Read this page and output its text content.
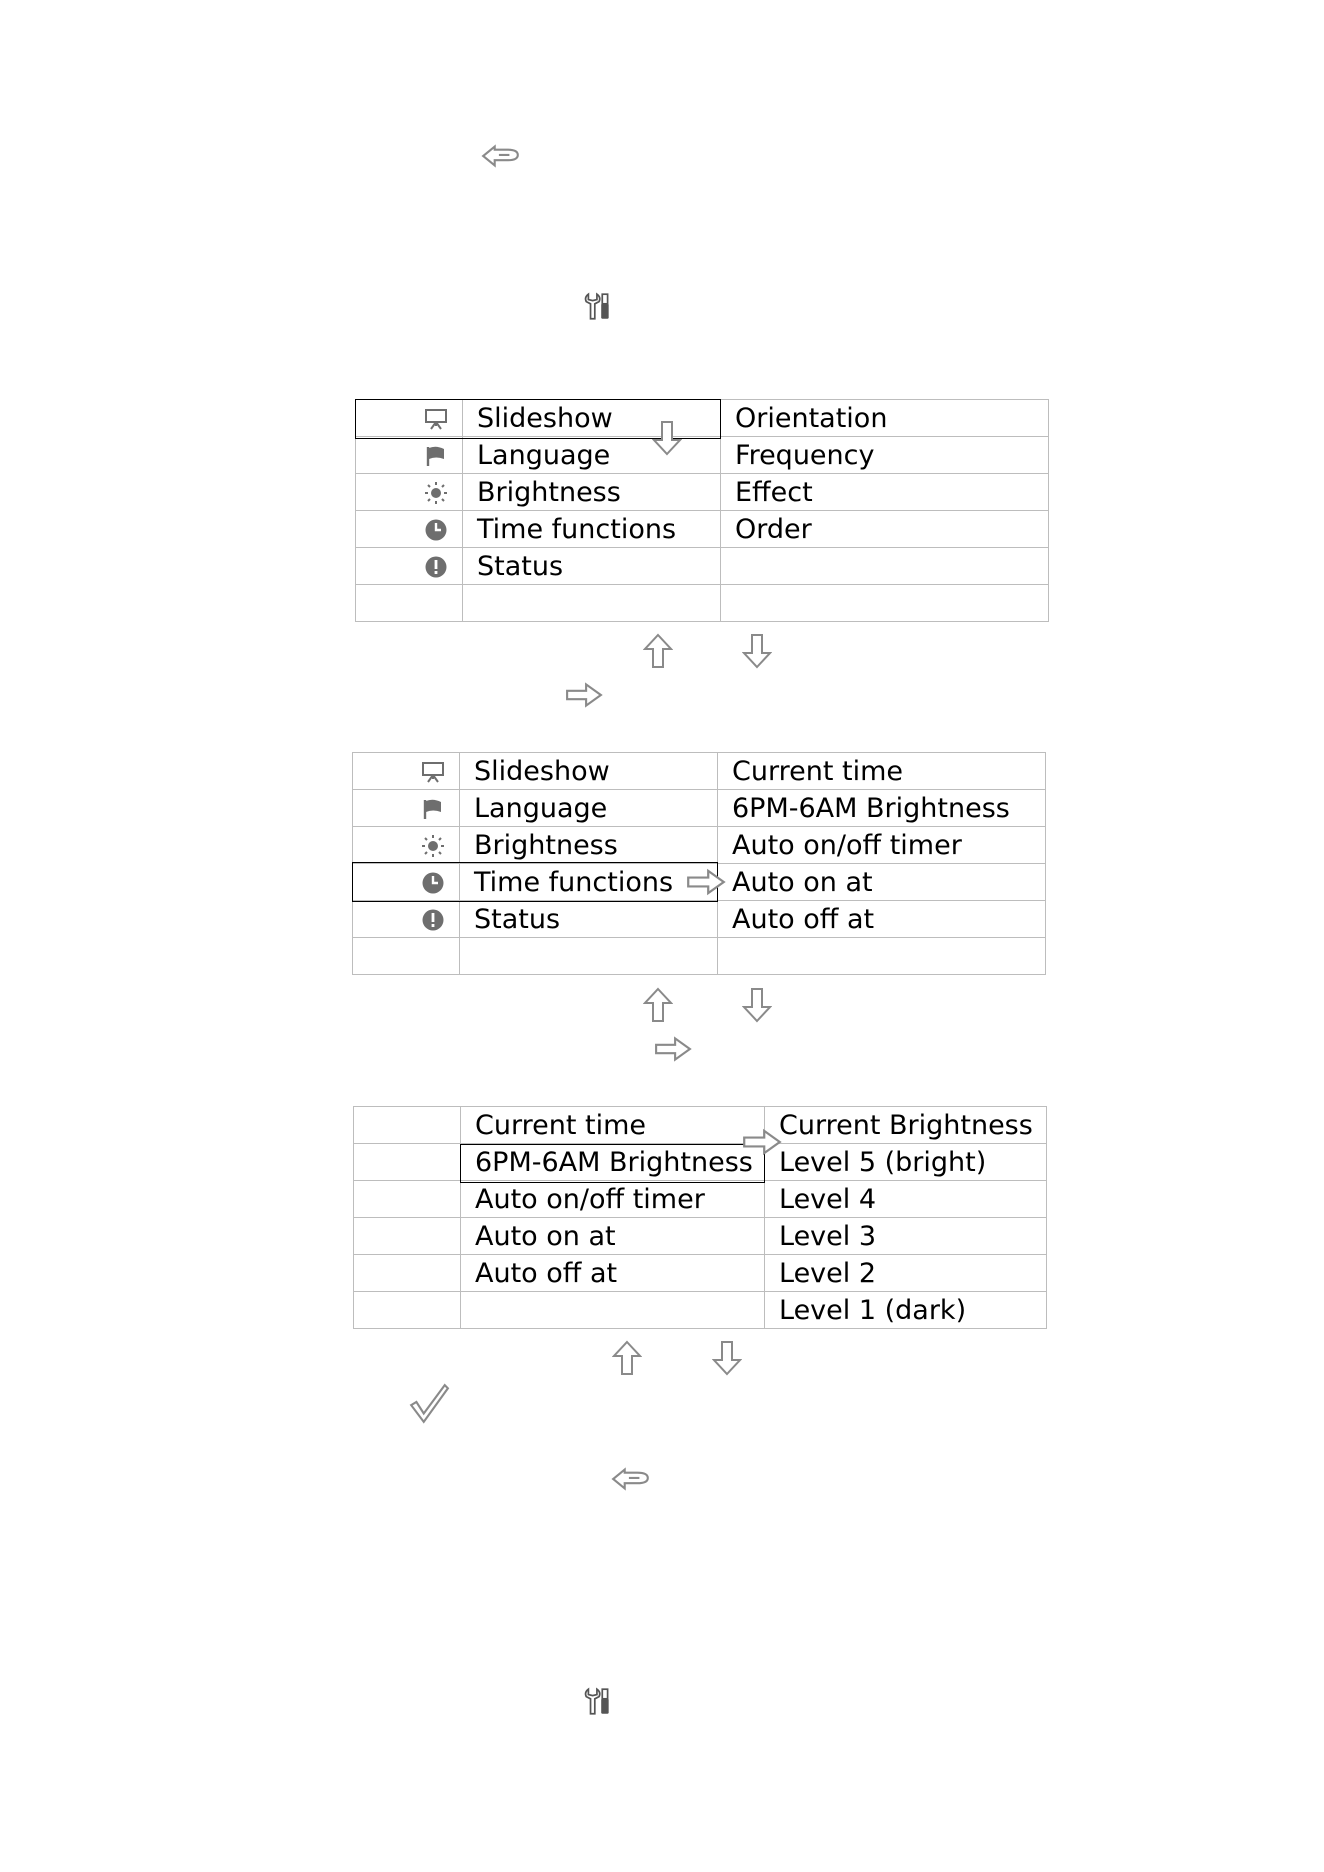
	Slideshow	Orientation
	Language	Frequency
	Brightness	Effect
	Time functions	Order
	Status	

	Slideshow	Current time
	Language	6PM-6AM Brightness
	Brightness	Auto on/off timer
	Time functions	Auto on at
	Status	Auto off at

	Current time	Current Brightness
	6PM-6AM Brightness	Level 5 (bright)
	Auto on/off timer	Level 4
	Auto on at	Level 3
	Auto off at	Level 2
		Level 1 (dark)
